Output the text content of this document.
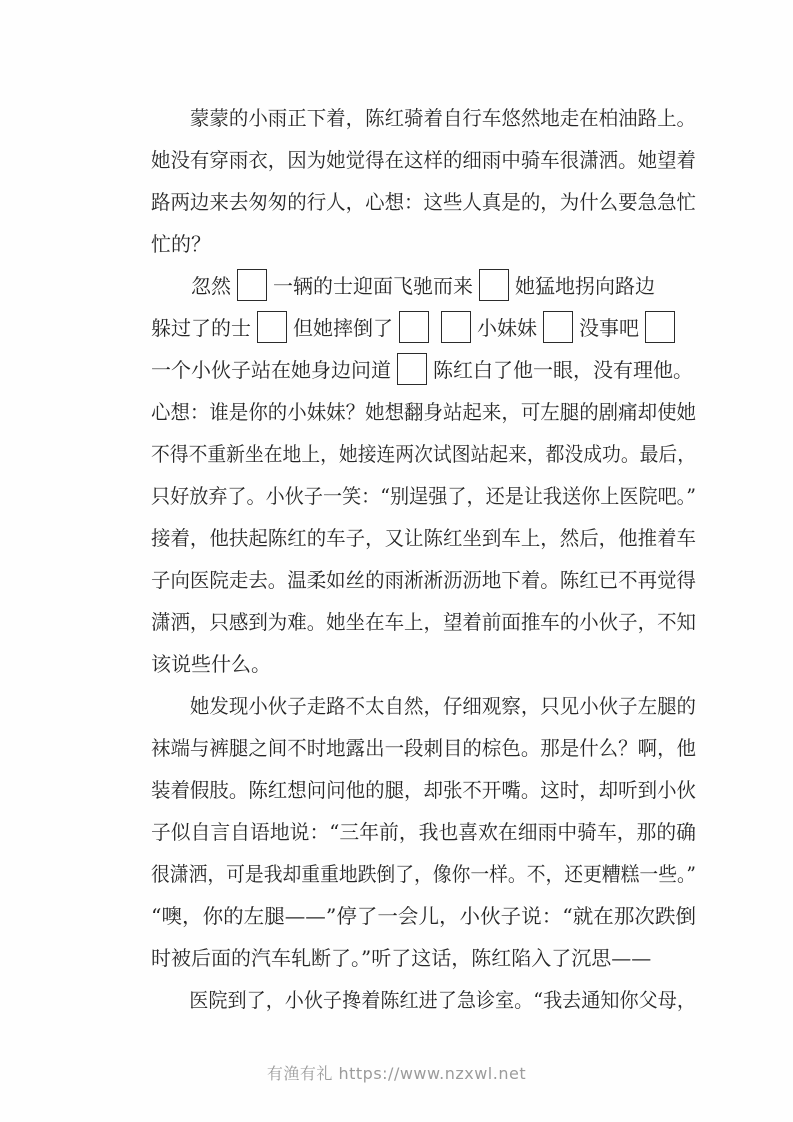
蒙蒙的小雨正下着，陈红骑着自行车悠然地走在柏油路上。
她没有穿雨衣，因为她觉得在这样的细雨中骑车很潇洒。她望着
路两边来去匆匆的行人，心想：这些人真是的，为什么要急急忙
忙的？
忽然 一辆的士迎面飞驰而来 她猛地拐向路边
躲过了的士 但她摔倒了	小妹妹 没事吧
一个小伙子站在她身边问道 陈红白了他一眼，没有理他。
心想：谁是你的小妹妹？她想翻身站起来，可左腿的剧痛却使她
不得不重新坐在地上，她接连两次试图站起来，都没成功。最后，
只好放弃了。小伙子一笑：“别逞强了，还是让我送你上医院吧。”
接着，他扶起陈红的车子，又让陈红坐到车上，然后，他推着车
子向医院走去。温柔如丝的雨淅淅沥沥地下着。陈红已不再觉得
潇洒，只感到为难。她坐在车上，望着前面推车的小伙子，不知
该说些什么。
她发现小伙子走路不太自然，仔细观察，只见小伙子左腿的
袜端与裤腿之间不时地露出一段刺目的棕色。那是什么？啊，他
装着假肢。陈红想问问他的腿，却张不开嘴。这时，却听到小伙
子似自言自语地说：“三年前，我也喜欢在细雨中骑车，那的确
很潇洒，可是我却重重地跌倒了，像你一样。不，还更糟糕一些。”
“噢，你的左腿——”停了一会儿，小伙子说：“就在那次跌倒
时被后面的汽车轧断了。”听了这话，陈红陷入了沉思——
医院到了，小伙子搀着陈红进了急诊室。“我去通知你父母，
有渔有礼 https://www.nzxwl.net
